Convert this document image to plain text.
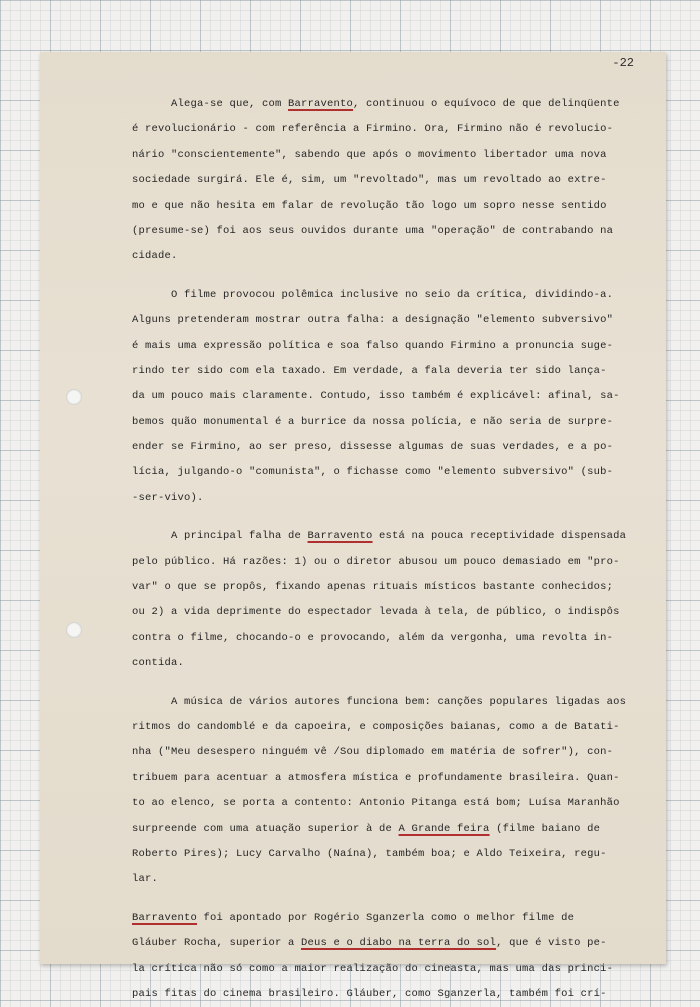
-22
Alega-se que, com Barravento, continuou o equívoco de que delinqüente
é revolucionário - com referência a Firmino. Ora, Firmino não é revolucio-
nário "conscientemente", sabendo que após o movimento libertador uma nova
sociedade surgirá. Ele é, sim, um "revoltado", mas um revoltado ao extre-
mo e que não hesita em falar de revolução tão logo um sopro nesse sentido
(presume-se) foi aos seus ouvidos durante uma "operação" de contrabando na
cidade.
O filme provocou polêmica inclusive no seio da crítica, dividindo-a.
Alguns pretenderam mostrar outra falha: a designação "elemento subversivo"
é mais uma expressão política e soa falso quando Firmino a pronuncia suge-
rindo ter sido com ela taxado. Em verdade, a fala deveria ter sido lança-
da um pouco mais claramente. Contudo, isso também é explicável: afinal, sa-
bemos quão monumental é a burrice da nossa polícia, e não seria de surpre-
ender se Firmino, ao ser preso, dissesse algumas de suas verdades, e a po-
lícia, julgando-o "comunista", o fichasse como "elemento subversivo" (sub-
-ser-vivo).
A principal falha de Barravento está na pouca receptividade dispensada
pelo público. Há razões: 1) ou o diretor abusou um pouco demasiado em "pro-
var" o que se propôs, fixando apenas rituais místicos bastante conhecidos;
ou 2) a vida deprimente do espectador levada à tela, de público, o indispôs
contra o filme, chocando-o e provocando, além da vergonha, uma revolta in-
contida.
A música de vários autores funciona bem: canções populares ligadas aos
ritmos do candomblé e da capoeira, e composições baianas, como a de Batati-
nha ("Meu desespero ninguém vê /Sou diplomado em matéria de sofrer"), con-
tribuem para acentuar a atmosfera mística e profundamente brasileira. Quan-
to ao elenco, se porta a contento: Antonio Pitanga está bom; Luísa Maranhão
surpreende com uma atuação superior à de A Grande feira (filme baiano de
Roberto Pires); Lucy Carvalho (Naína), também boa; e Aldo Teixeira, regu-
lar.
Barravento foi apontado por Rogério Sganzerla como o melhor filme de
Gláuber Rocha, superior a Deus e o diabo na terra do sol, que é visto pe-
la crítica não só como a maior realização do cineasta, mas uma das princi-
pais fitas do cinema brasileiro. Gláuber, como Sganzerla, também foi crí-
